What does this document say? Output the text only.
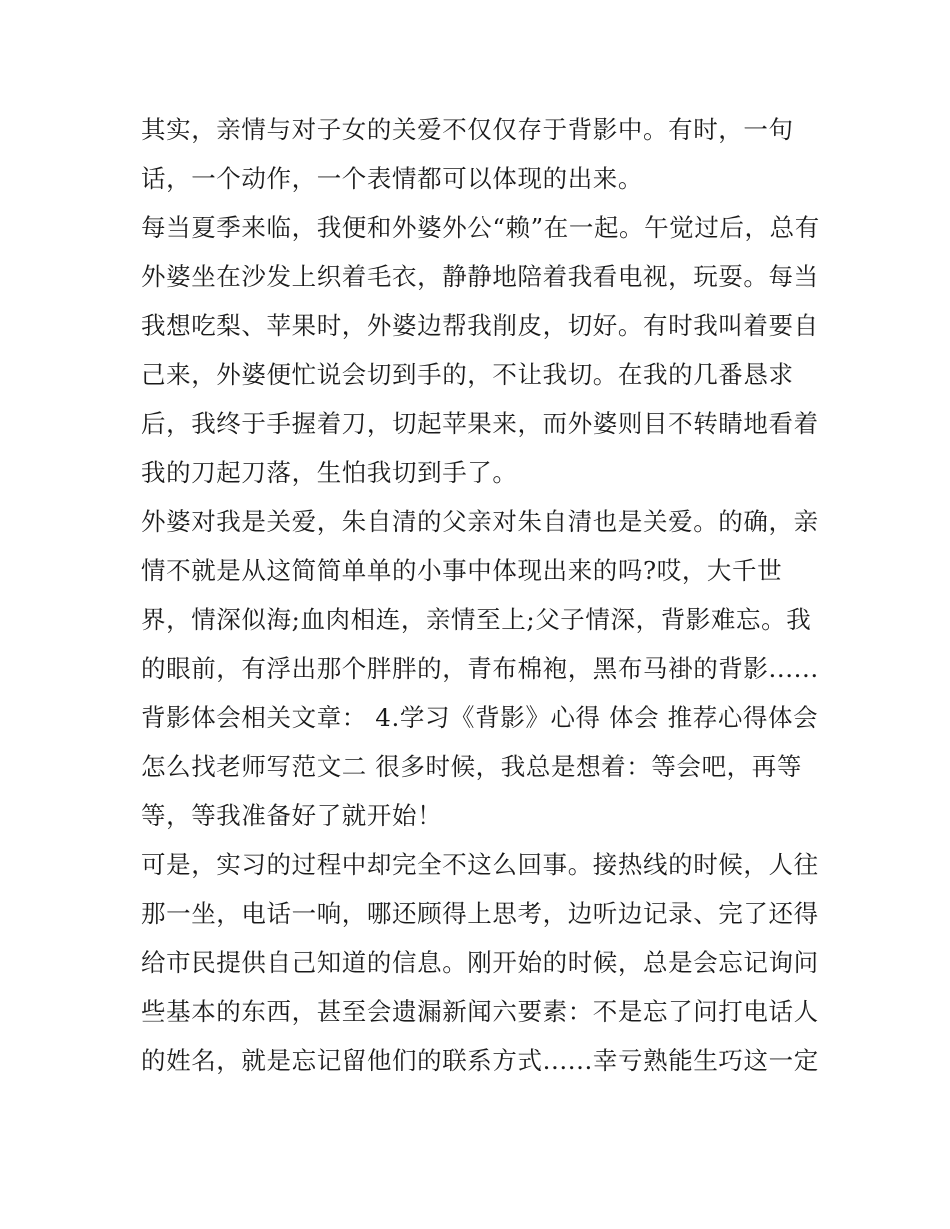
其实，亲情与对子女的关爱不仅仅存于背影中。有时，一句
话，一个动作，一个表情都可以体现的出来。
每当夏季来临，我便和外婆外公“赖”在一起。午觉过后，总有
外婆坐在沙发上织着毛衣，静静地陪着我看电视，玩耍。每当
我想吃梨、苹果时，外婆边帮我削皮，切好。有时我叫着要自
己来，外婆便忙说会切到手的，不让我切。在我的几番恳求
后，我终于手握着刀，切起苹果来，而外婆则目不转睛地看着
我的刀起刀落，生怕我切到手了。
外婆对我是关爱，朱自清的父亲对朱自清也是关爱。的确，亲
情不就是从这简简单单的小事中体现出来的吗?哎，大千世
界，情深似海;血肉相连，亲情至上;父子情深，背影难忘。我
的眼前，有浮出那个胖胖的，青布棉袍，黑布马褂的背影......
背影体会相关文章： 4.学习《背影》心得 体会 推荐心得体会
怎么找老师写范文二 很多时候，我总是想着：等会吧，再等
等，等我准备好了就开始！
可是，实习的过程中却完全不这么回事。接热线的时候，人往
那一坐，电话一响，哪还顾得上思考，边听边记录、完了还得
给市民提供自己知道的信息。刚开始的时候，总是会忘记询问
些基本的东西，甚至会遗漏新闻六要素：不是忘了问打电话人
的姓名，就是忘记留他们的联系方式......幸亏熟能生巧这一定
